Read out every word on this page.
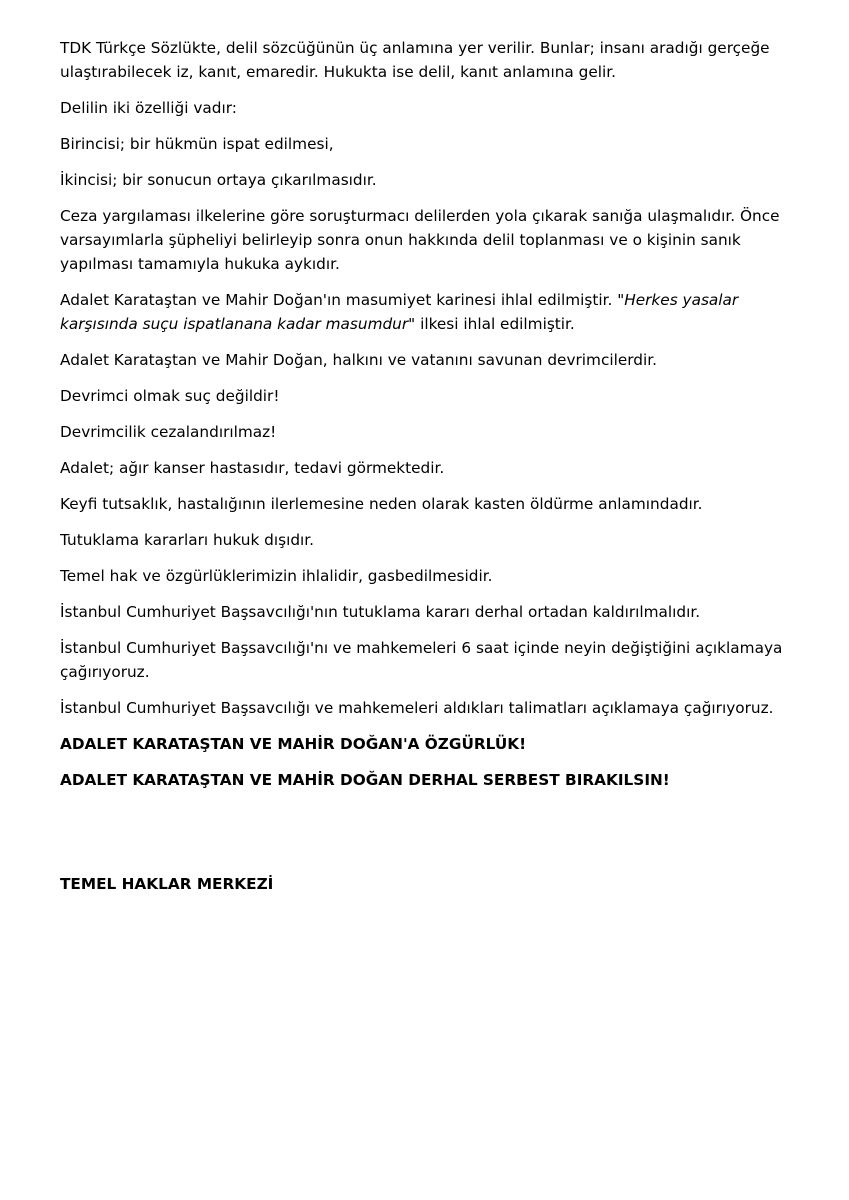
TDK Türkçe Sözlükte, delil sözcüğünün üç anlamına yer verilir. Bunlar; insanı aradığı gerçeğe ulaştırabilecek iz, kanıt, emaredir. Hukukta ise delil, kanıt anlamına gelir.

Delilin iki özelliği vadır:

Birincisi; bir hükmün ispat edilmesi,

İkincisi; bir sonucun ortaya çıkarılmasıdır.

Ceza yargılaması ilkelerine göre soruşturmacı delilerden yola çıkarak sanığa ulaşmalıdır. Önce varsayımlarla şüpheliyi belirleyip sonra onun hakkında delil toplanması ve o kişinin sanık yapılması tamamıyla hukuka aykıdır.

Adalet Karataştan ve Mahir Doğan'ın masumiyet karinesi ihlal edilmiştir. "Herkes yasalar karşısında suçu ispatlanana kadar masumdur" ilkesi ihlal edilmiştir.

Adalet Karataştan ve Mahir Doğan, halkını ve vatanını savunan devrimcilerdir.

Devrimci olmak suç değildir!

Devrimcilik cezalandırılmaz!

Adalet; ağır kanser hastasıdır, tedavi görmektedir.

Keyfi tutsaklık, hastalığının ilerlemesine neden olarak kasten öldürme anlamındadır.

Tutuklama kararları hukuk dışıdır.

Temel hak ve özgürlüklerimizin ihlalidir, gasbedilmesidir.

İstanbul Cumhuriyet Başsavcılığı'nın tutuklama kararı derhal ortadan kaldırılmalıdır.

İstanbul Cumhuriyet Başsavcılığı'nı ve mahkemeleri 6 saat içinde neyin değiştiğini açıklamaya çağırıyoruz.

İstanbul Cumhuriyet Başsavcılığı ve mahkemeleri aldıkları talimatları açıklamaya çağırıyoruz.

ADALET KARATAŞTAN VE MAHİR DOĞAN'A ÖZGÜRLÜK!

ADALET KARATAŞTAN VE MAHİR DOĞAN DERHAL SERBEST BIRAKILSIN!

TEMEL HAKLAR MERKEZİ
